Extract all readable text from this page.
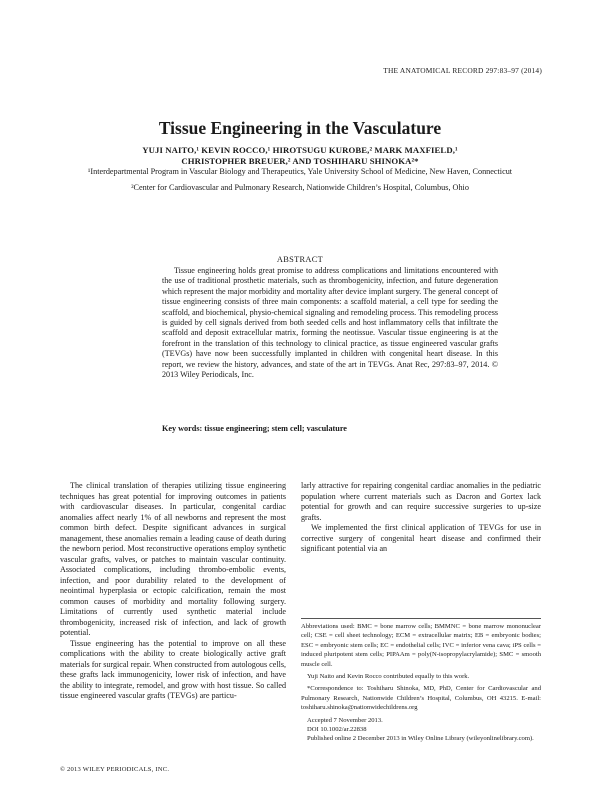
THE ANATOMICAL RECORD 297:83–97 (2014)
Tissue Engineering in the Vasculature
YUJI NAITO,¹ KEVIN ROCCO,¹ HIROTSUGU KUROBE,² MARK MAXFIELD,¹
CHRISTOPHER BREUER,² AND TOSHIHARU SHINOKA²*
¹Interdepartmental Program in Vascular Biology and Therapeutics, Yale University School of Medicine, New Haven, Connecticut
²Center for Cardiovascular and Pulmonary Research, Nationwide Children’s Hospital, Columbus, Ohio
ABSTRACT

Tissue engineering holds great promise to address complications and limitations encountered with the use of traditional prosthetic materials, such as thrombogenicity, infection, and future degeneration which represent the major morbidity and mortality after device implant surgery. The general concept of tissue engineering consists of three main components: a scaffold material, a cell type for seeding the scaffold, and biochemical, physio-chemical signaling and remodeling process. This remodeling process is guided by cell signals derived from both seeded cells and host inflammatory cells that infiltrate the scaffold and deposit extracellular matrix, forming the neotissue. Vascular tissue engineering is at the forefront in the translation of this technology to clinical practice, as tissue engineered vascular grafts (TEVGs) have now been successfully implanted in children with congenital heart disease. In this report, we review the history, advances, and state of the art in TEVGs. Anat Rec, 297:83–97, 2014. © 2013 Wiley Periodicals, Inc.

Key words: tissue engineering; stem cell; vasculature

The clinical translation of therapies utilizing tissue engineering techniques has great potential for improving outcomes in patients with cardiovascular diseases. In particular, congenital cardiac anomalies affect nearly 1% of all newborns and represent the most common birth defect. Despite significant advances in surgical management, these anomalies remain a leading cause of death during the newborn period. Most reconstructive operations employ synthetic vascular grafts, valves, or patches to maintain vascular continuity. Associated complications, including thrombo-embolic events, infection, and poor durability related to the development of neointimal hyperplasia or ectopic calcification, remain the most common causes of morbidity and mortality following surgery. Limitations of currently used synthetic material include thrombogenicity, increased risk of infection, and lack of growth potential.

Tissue engineering has the potential to improve on all these complications with the ability to create biologically active graft materials for surgical repair. When constructed from autologous cells, these grafts lack immunogenicity, lower risk of infection, and have the ability to integrate, remodel, and grow with host tissue. So called tissue engineered vascular grafts (TEVGs) are particu-

larly attractive for repairing congenital cardiac anomalies in the pediatric population where current materials such as Dacron and Gortex lack potential for growth and can require successive surgeries to up-size grafts.

We implemented the first clinical application of TEVGs for use in corrective surgery of congenital heart disease and confirmed their significant potential via an

Abbreviations used: BMC = bone marrow cells; BMMNC = bone marrow mononuclear cell; CSE = cell sheet technology; ECM = extracellular matrix; EB = embryonic bodies; ESC = embryonic stem cells; EC = endothelial cells; IVC = inferior vena cava; iPS cells = induced pluripotent stem cells; PIPAAm = poly(N-isopropylacrylamide); SMC = smooth muscle cell.

Yuji Naito and Kevin Rocco contributed equally to this work.

*Correspondence to: Toshiharu Shinoka, MD, PhD, Center for Cardiovascular and Pulmonary Research, Nationwide Children’s Hospital, Columbus, OH 43215. E-mail: toshiharu.shinoka@nationwidechildrens.org

Accepted 7 November 2013.

DOI 10.1002/ar.22838

Published online 2 December 2013 in Wiley Online Library (wileyonlinelibrary.com).

© 2013 WILEY PERIODICALS, INC.
